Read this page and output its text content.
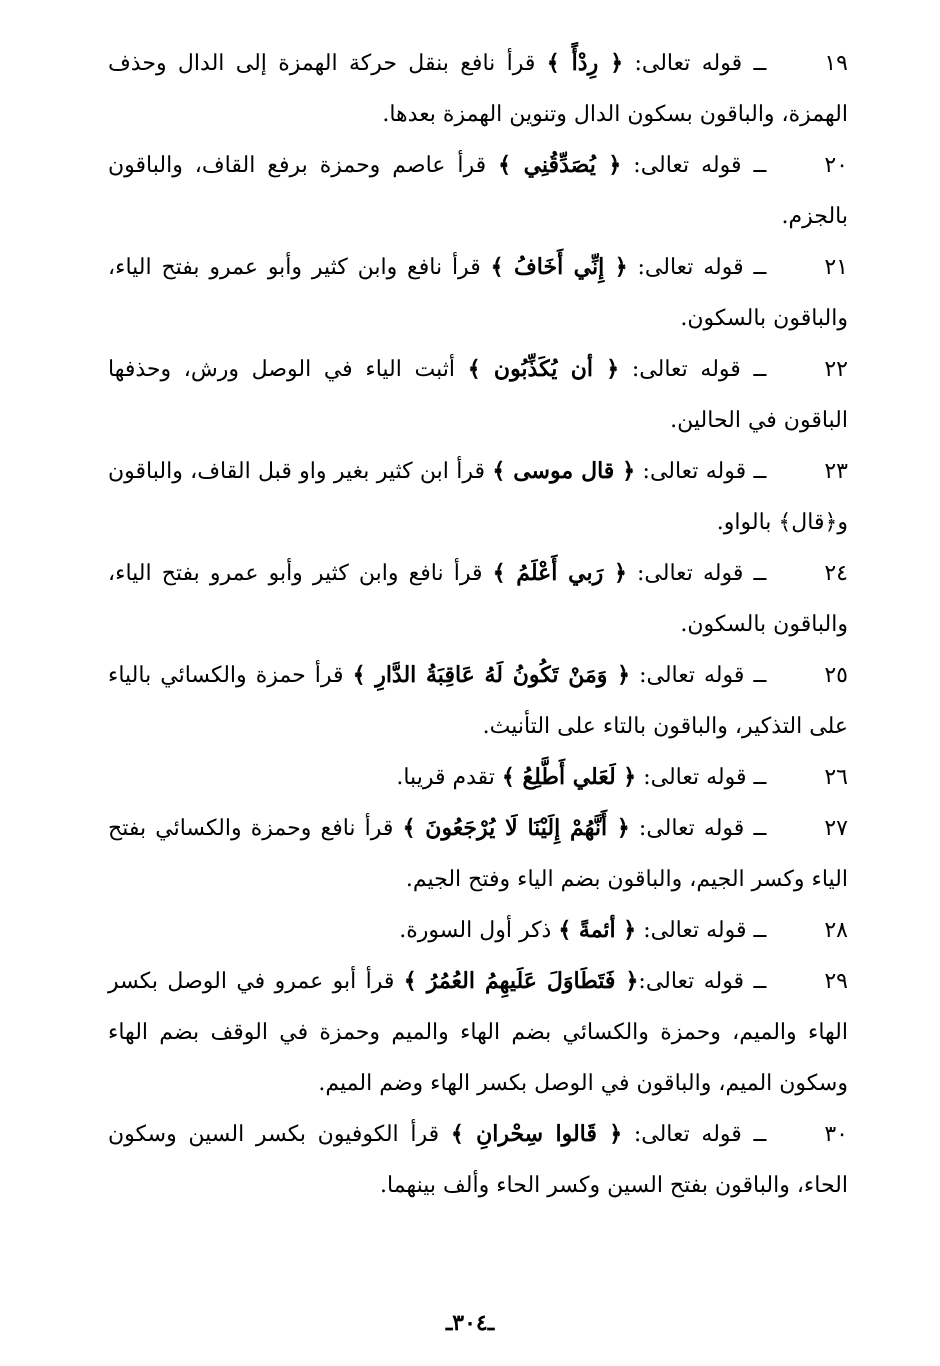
١٩ــ قوله تعالى: ﴿ رِدْأً ﴾ قرأ نافع بنقل حركة الهمزة إلى الدال وحذف الهمزة، والباقون بسكون الدال وتنوين الهمزة بعدها.

٢٠ــ قوله تعالى: ﴿ يُصَدِّقُنِي ﴾ قرأ عاصم وحمزة برفع القاف، والباقون بالجزم.

٢١ــ قوله تعالى: ﴿ إِنِّي أَخَافُ ﴾ قرأ نافع وابن كثير وأبو عمرو بفتح الياء، والباقون بالسكون.

٢٢ــ قوله تعالى: ﴿ أن يُكَذِّبُون ﴾ أثبت الياء في الوصل ورش، وحذفها الباقون في الحالين.

٢٣ــ قوله تعالى: ﴿ قال موسى ﴾ قرأ ابن كثير بغير واو قبل القاف، والباقون و﴿قال﴾ بالواو.

٢٤ــ قوله تعالى: ﴿ رَبي أَعْلَمُ ﴾ قرأ نافع وابن كثير وأبو عمرو بفتح الياء، والباقون بالسكون.

٢٥ــ قوله تعالى: ﴿ وَمَنْ تَكُونُ لَهُ عَاقِبَةُ الدَّارِ ﴾ قرأ حمزة والكسائي بالياء على التذكير، والباقون بالتاء على التأنيث.

٢٦ــ قوله تعالى: ﴿ لَعَلي أَطَّلِعُ ﴾ تقدم قريبا.

٢٧ــ قوله تعالى: ﴿ أَنَّهُمْ إِلَيْنَا لَا يُرْجَعُونَ ﴾ قرأ نافع وحمزة والكسائي بفتح الياء وكسر الجيم، والباقون بضم الياء وفتح الجيم.

٢٨ــ قوله تعالى: ﴿ أئمةً ﴾ ذكر أول السورة.

٢٩ــ قوله تعالى:﴿ فَتَطَاوَلَ عَلَيهِمُ العُمُرُ ﴾ قرأ أبو عمرو في الوصل بكسر الهاء والميم، وحمزة والكسائي بضم الهاء والميم وحمزة في الوقف بضم الهاء وسكون الميم، والباقون في الوصل بكسر الهاء وضم الميم.

٣٠ــ قوله تعالى: ﴿ قَالوا سِحْرانِ ﴾ قرأ الكوفيون بكسر السين وسكون الحاء، والباقون بفتح السين وكسر الحاء وألف بينهما.

ـ٣٠٤ـ
